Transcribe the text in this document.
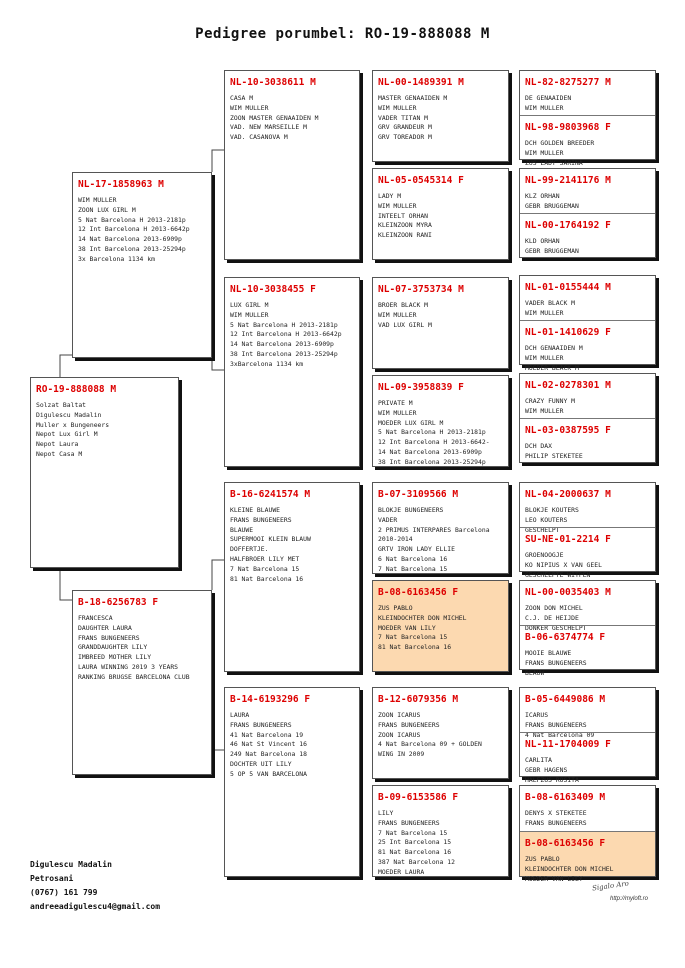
Pedigree porumbel: RO-19-888088 M
RO-19-888088 M
Solzat Baltat
Digulescu Madalin
Muller x Bungeneers
Nepot Lux Girl M
Nepot Laura
Nepot Casa M
NL-17-1858963 M
WIM MULLER
ZOON LUX GIRL M
5 Nat Barcelona H 2013-2181p
12 Int Barcelona H 2013-6642p
14 Nat Barcelona 2013-6909p
38 Int Barcelona 2013-25294p
3x Barcelona 1134 km
B-18-6256783 F
FRANCESCA
DAUGHTER LAURA
FRANS BUNGENEERS
GRANDDAUGHTER LILY
IMBREED MOTHER LILY
LAURA WINNING 2019 3 YEARS
RANKING BRUGSE BARCELONA CLUB
NL-10-3038611 M
CASA M
WIM MULLER
ZOON MASTER GENAAIDEN M
VAD. NEW MARSEILLE M
VAD. CASANOVA M
NL-10-3038455 F
LUX GIRL M
WIM MULLER
5 Nat Barcelona H 2013-2181p
12 Int Barcelona H 2013-6642p
14 Nat Barcelona 2013-6909p
38 Int Barcelona 2013-25294p
3xBarcelona 1134 km
B-16-6241574 M
KLEINE BLAUWE
FRANS BUNGENEERS
BLAUWE
SUPERMOOI KLEIN BLAUW
DOFFERTJE.
HALFBROER LILY MET
7 Nat Barcelona 15
81 Nat Barcelona 16
B-14-6193296 F
LAURA
FRANS BUNGENEERS
41 Nat Barcelona 19
46 Nat St Vincent 16
249 Nat Barcelona 18
DOCHTER UIT LILY
5 OP 5 VAN BARCELONA
NL-00-1489391 M
MASTER GENAAIDEN M
WIM MULLER
VADER TITAN M
GRV GRANDEUR M
GRV TOREADOR M
NL-05-0545314 F
LADY M
WIM MULLER
INTEELT ORHAN
KLEINZOON MYRA
KLEINZOON RANI
NL-07-3753734 M
BROER BLACK M
WIM MULLER
VAD LUX GIRL M
NL-09-3958839 F
PRIVATE M
WIM MULLER
MOEDER LUX GIRL M
5 Nat Barcelona H 2013-2181p
12 Int Barcelona H 2013-6642-
14 Nat Barcelona 2013-6909p
38 Int Barcelona 2013-25294p
B-07-3109566 M
BLOKJE BUNGENEERS
VADER
2 PRIMUS INTERPARES Barcelona
2010-2014
GRTV IRON LADY ELLIE
6 Nat Barcelona 16
7 Nat Barcelona 15
B-08-6163456 F
ZUS PABLO
KLEINDOCHTER DON MICHEL
MOEDER VAN LILY
7 Nat Barcelona 15
81 Nat Barcelona 16
B-12-6079356 M
ZOON ICARUS
FRANS BUNGENEERS
ZOON ICARUS
4 Nat Barcelona 09 + GOLDEN
WING IN 2009
B-09-6153586 F
LILY
FRANS BUNGENEERS
7 Nat Barcelona 15
25 Int Barcelona 15
81 Nat Barcelona 16
387 Nat Barcelona 12
MOEDER LAURA
NL-82-8275277 M
DE GENAAIDEN
WIM MULLER
NL-98-9803968 F
DCH GOLDEN BREEDER
WIM MULLER
ZUS LADY SARINA
NL-99-2141176 M
KLZ ORHAN
GEBR BRUGGEMAN
NL-00-1764192 F
KLD ORHAN
GEBR BRUGGEMAN
NL-01-0155444 M
VADER BLACK M
WIM MULLER
NL-01-1410629 F
DCH GENAAIDEN M
WIM MULLER
MOEDER BLACK M
NL-02-0278301 M
CRAZY FUNNY M
WIM MULLER
NL-03-0387595 F
DCH DAX
PHILIP STEKETEE
NL-04-2000637 M
BLOKJE KOUTERS
LEO KOUTERS
GESCHELPT
SU-NE-01-2214 F
GROENOOGJE
KO NIPIUS X VAN GEEL
GESCHELPTE WITPEN
NL-00-0035403 M
ZOON DON MICHEL
C.J. DE HEIJDE
DONKER GESCHELPT
B-06-6374774 F
MOOIE BLAUWE
FRANS BUNGENEERS
BLAUW
B-05-6449086 M
ICARUS
FRANS BUNGENEERS
4 Nat Barcelona 09
NL-11-1704009 F
CARLITA
GEBR HAGENS
HALFZUS ROSITA
B-08-6163409 M
DENYS X STEKETEE
FRANS BUNGENEERS
B-08-6163456 F
ZUS PABLO
KLEINDOCHTER DON MICHEL
MOEDER VAN LILY
Digulescu Madalin
Petrosani
(0767) 161 799
andreeadigulescu4@gmail.com
Sigalo Aro
http://myloft.ro
